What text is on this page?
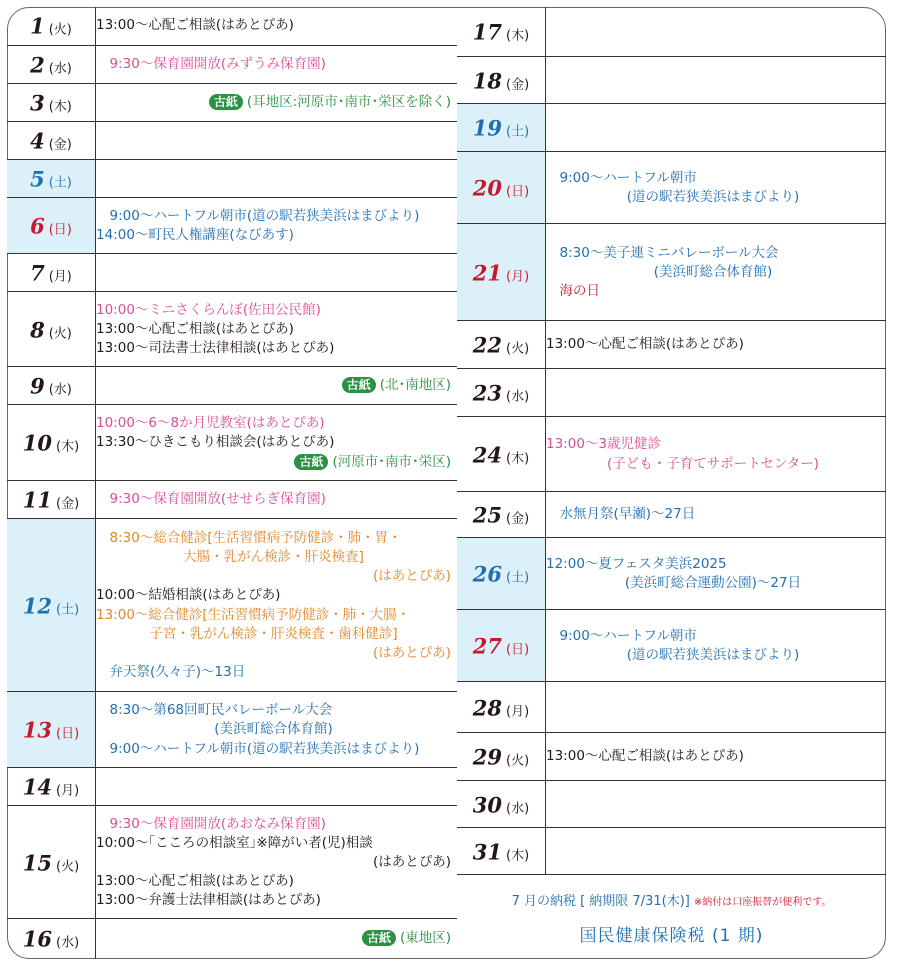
1 (火)	13:00～心配ご相談(はあとぴあ)
2 (水)	　9:30～保育園開放(みずうみ保育園)
3 (木)	古紙 (耳地区:河原市･南市･栄区を除く)
4 (金)
5 (土)
6 (日)
　9:00～ハートフル朝市(道の駅若狭美浜はまびより)
14:00～町民人権講座(なびあす)
7 (月)
8 (火)
10:00～ミニさくらんぼ(佐田公民館)
13:00～心配ご相談(はあとぴあ)
13:00～司法書士法律相談(はあとぴあ)
9 (水)	古紙 (北･南地区)
10 (木)
10:00～6～8か月児教室(はあとぴあ)
13:30～ひきこもり相談会(はあとぴあ)
古紙 (河原市･南市･栄区)
11 (金)	　9:30～保育園開放(せせらぎ保育園)
12 (土)
　8:30～総合健診[生活習慣病予防健診・肺・胃・
大腸・乳がん検診・肝炎検査]
(はあとぴあ)
10:00～結婚相談(はあとぴあ)
13:00～総合健診[生活習慣病予防健診・肺・大腸・
子宮・乳がん検診・肝炎検査・歯科健診]
(はあとぴあ)
　弁天祭(久々子)～13日
13 (日)
　8:30～第68回町民バレーボール大会
(美浜町総合体育館)
　9:00～ハートフル朝市(道の駅若狭美浜はまびより)
14 (月)
15 (火)
　9:30～保育園開放(あおなみ保育園)
10:00～｢こころの相談室｣※障がい者(児)相談
(はあとぴあ)
13:00～心配ご相談(はあとぴあ)
13:00～弁護士法律相談(はあとぴあ)
16 (水)	古紙 (東地区)
17 (木)
18 (金)
19 (土)
20 (日)
　9:00～ハートフル朝市
(道の駅若狭美浜はまびより)
21 (月)
　8:30～美子連ミニバレーボール大会
(美浜町総合体育館)
　海の日
22 (火)	13:00～心配ご相談(はあとぴあ)
23 (水)
24 (木)
13:00～3歳児健診
(子ども・子育てサポートセンター)
25 (金)	　水無月祭(早瀬)～27日
26 (土)
12:00～夏フェスタ美浜2025
(美浜町総合運動公園)～27日
27 (日)
　9:00～ハートフル朝市
(道の駅若狭美浜はまびより)
28 (月)
29 (火)	13:00～心配ご相談(はあとぴあ)
30 (水)
31 (木)
7 月の納税 [ 納期限 7/31(木)] ※納付は口座振替が便利です。
国民健康保険税 (1 期)
